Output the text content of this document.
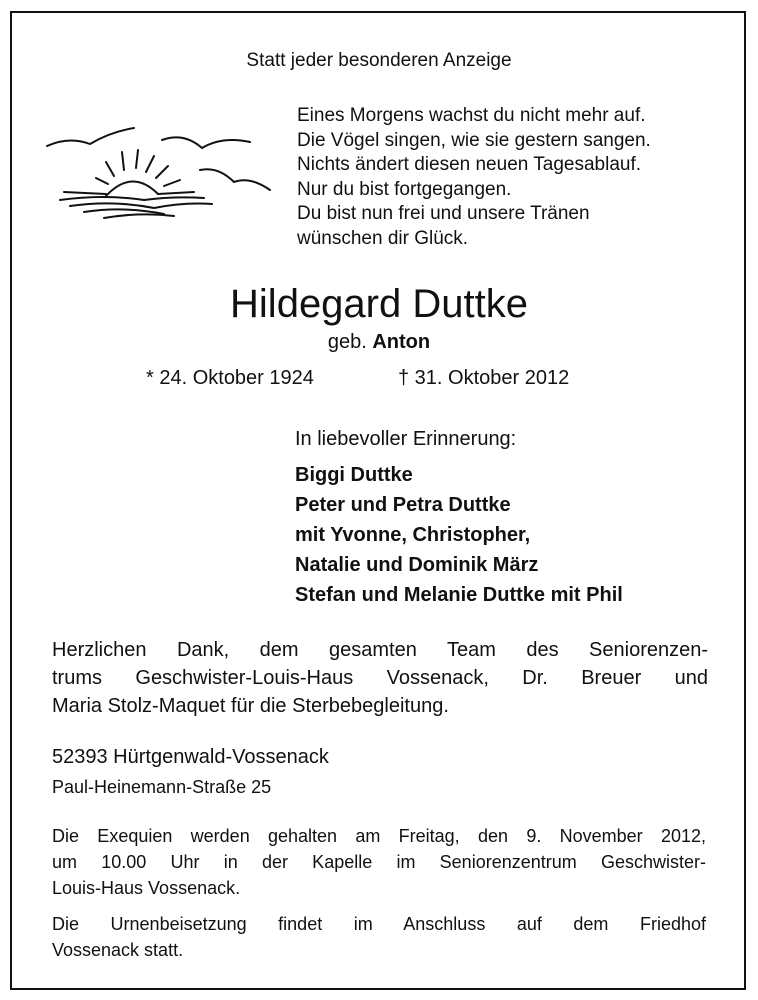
Statt jeder besonderen Anzeige
Eines Morgens wachst du nicht mehr auf.
Die Vögel singen, wie sie gestern sangen.
Nichts ändert diesen neuen Tagesablauf.
Nur du bist fortgegangen.
Du bist nun frei und unsere Tränen
wünschen dir Glück.
Hildegard Duttke
geb. Anton
* 24. Oktober 1924	† 31. Oktober 2012
In liebevoller Erinnerung:
Biggi Duttke
Peter und Petra Duttke
mit Yvonne, Christopher,
Natalie und Dominik März
Stefan und Melanie Duttke mit Phil
Herzlichen Dank, dem gesamten Team des Seniorenzen-
trums Geschwister-Louis-Haus Vossenack, Dr. Breuer und
Maria Stolz-Maquet für die Sterbebegleitung.
52393 Hürtgenwald-Vossenack
Paul-Heinemann-Straße 25
Die Exequien werden gehalten am Freitag, den 9. November 2012,
um 10.00 Uhr in der Kapelle im Seniorenzentrum Geschwister-
Louis-Haus Vossenack.
Die Urnenbeisetzung findet im Anschluss auf dem Friedhof
Vossenack statt.
